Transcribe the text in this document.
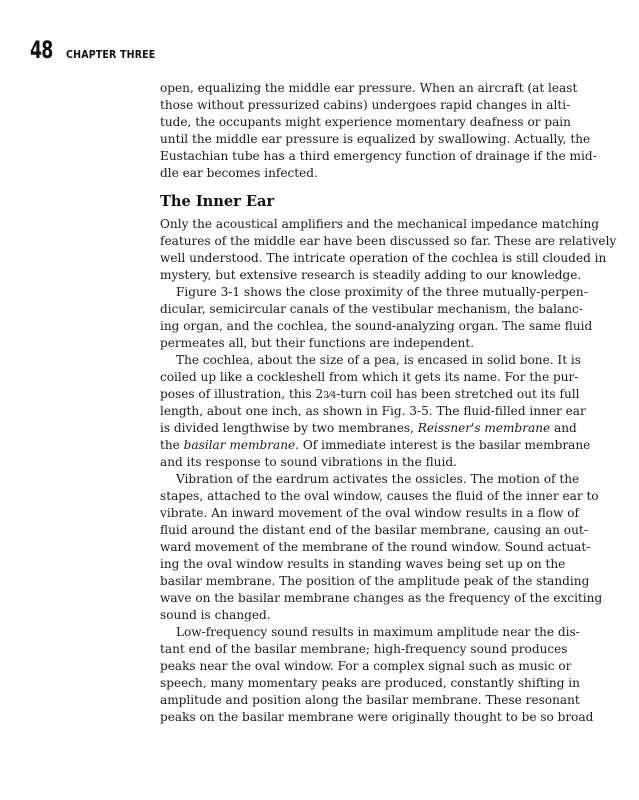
48 CHAPTER THREE
open, equalizing the middle ear pressure. When an aircraft (at least
those without pressurized cabins) undergoes rapid changes in alti-
tude, the occupants might experience momentary deafness or pain
until the middle ear pressure is equalized by swallowing. Actually, the
Eustachian tube has a third emergency function of drainage if the mid-
dle ear becomes infected.
The Inner Ear
Only the acoustical amplifiers and the mechanical impedance matching
features of the middle ear have been discussed so far. These are relatively
well understood. The intricate operation of the cochlea is still clouded in
mystery, but extensive research is steadily adding to our knowledge.
Figure 3-1 shows the close proximity of the three mutually-perpen-
dicular, semicircular canals of the vestibular mechanism, the balanc-
ing organ, and the cochlea, the sound-analyzing organ. The same fluid
permeates all, but their functions are independent.
The cochlea, about the size of a pea, is encased in solid bone. It is
coiled up like a cockleshell from which it gets its name. For the pur-
poses of illustration, this 23⁄4-turn coil has been stretched out its full
length, about one inch, as shown in Fig. 3-5. The fluid-filled inner ear
is divided lengthwise by two membranes, Reissner's membrane and
the basilar membrane. Of immediate interest is the basilar membrane
and its response to sound vibrations in the fluid.
Vibration of the eardrum activates the ossicles. The motion of the
stapes, attached to the oval window, causes the fluid of the inner ear to
vibrate. An inward movement of the oval window results in a flow of
fluid around the distant end of the basilar membrane, causing an out-
ward movement of the membrane of the round window. Sound actuat-
ing the oval window results in standing waves being set up on the
basilar membrane. The position of the amplitude peak of the standing
wave on the basilar membrane changes as the frequency of the exciting
sound is changed.
Low-frequency sound results in maximum amplitude near the dis-
tant end of the basilar membrane; high-frequency sound produces
peaks near the oval window. For a complex signal such as music or
speech, many momentary peaks are produced, constantly shifting in
amplitude and position along the basilar membrane. These resonant
peaks on the basilar membrane were originally thought to be so broad
